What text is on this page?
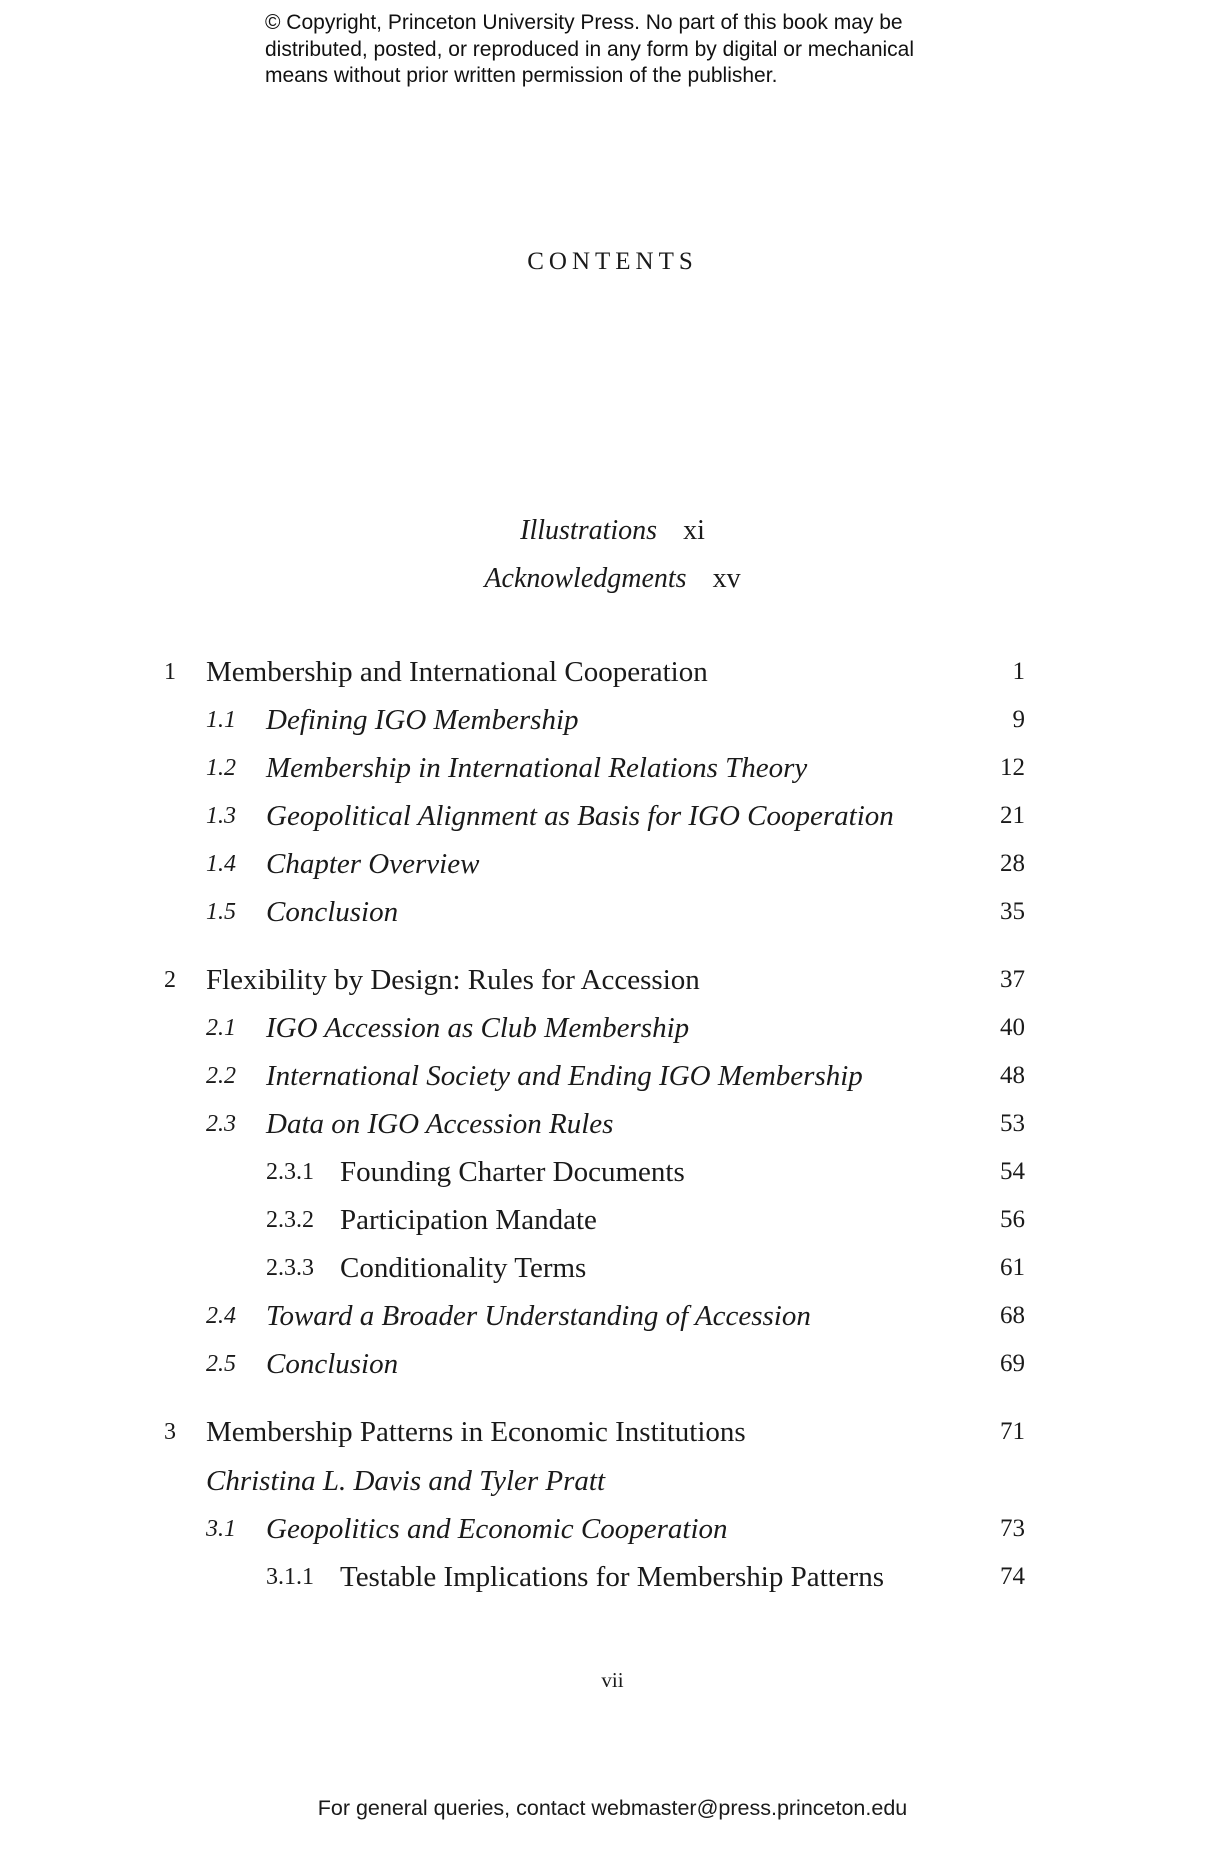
© Copyright, Princeton University Press. No part of this book may be
distributed, posted, or reproduced in any form by digital or mechanical
means without prior written permission of the publisher.
CONTENTS
Illustrations xi
Acknowledgments xv
1 Membership and International Cooperation	1
1.1 Defining IGO Membership	9
1.2 Membership in International Relations Theory	12
1.3 Geopolitical Alignment as Basis for IGO Cooperation	21
1.4 Chapter Overview	28
1.5 Conclusion	35
2 Flexibility by Design: Rules for Accession	37
2.1 IGO Accession as Club Membership	40
2.2 International Society and Ending IGO Membership	48
2.3 Data on IGO Accession Rules	53
2.3.1 Founding Charter Documents	54
2.3.2 Participation Mandate	56
2.3.3 Conditionality Terms	61
2.4 Toward a Broader Understanding of Accession	68
2.5 Conclusion	69
3 Membership Patterns in Economic Institutions	71
Christina L. Davis and Tyler Pratt
3.1 Geopolitics and Economic Cooperation	73
3.1.1 Testable Implications for Membership Patterns	74
vii
For general queries, contact webmaster@press.princeton.edu
